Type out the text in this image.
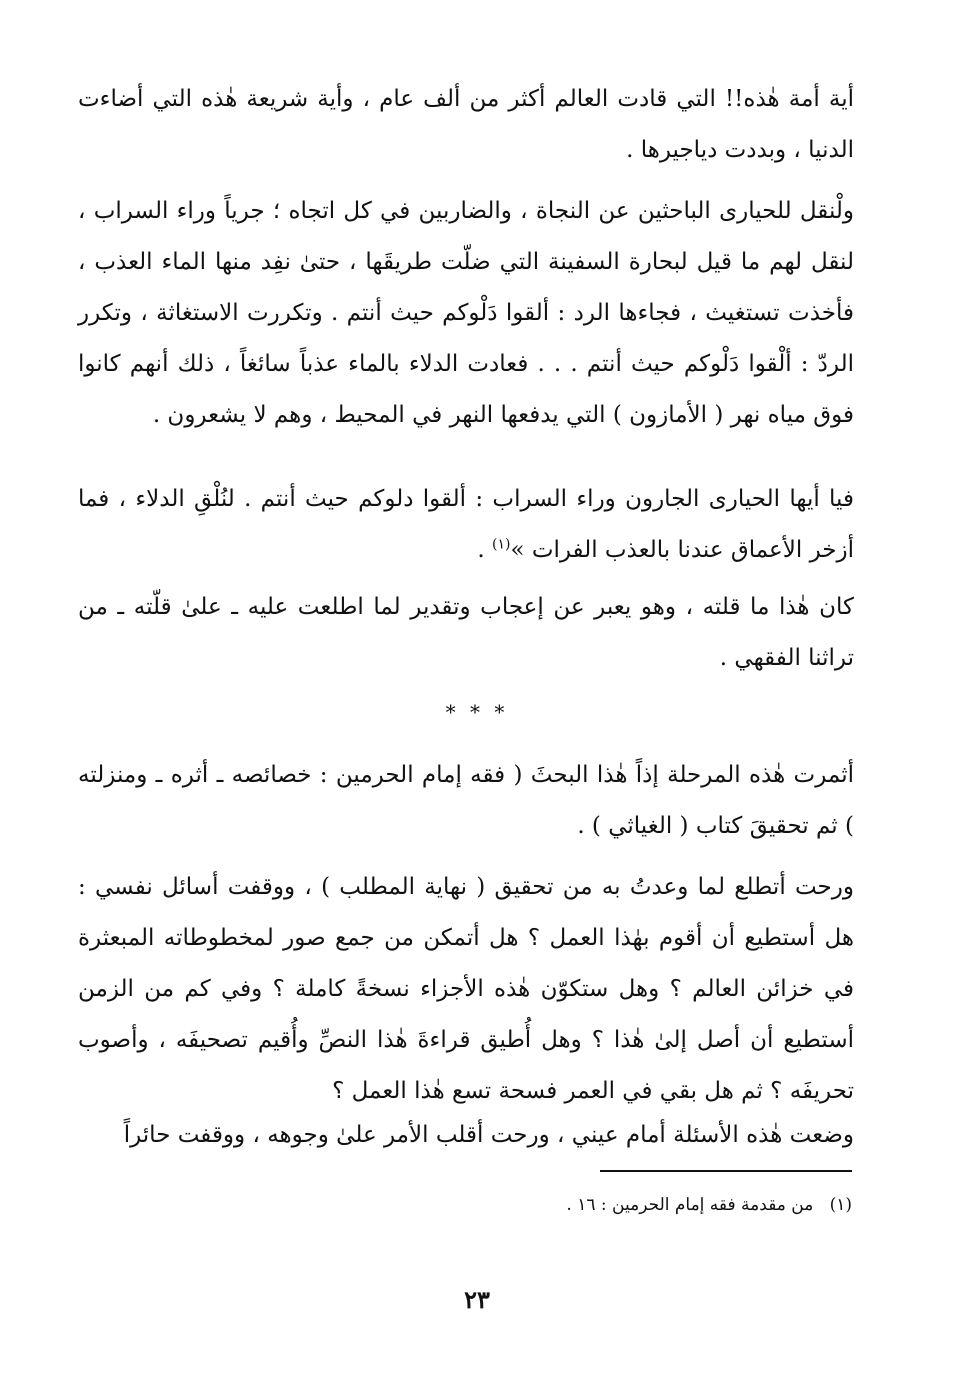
أية أمة هٰذه!! التي قادت العالم أكثر من ألف عام ، وأية شريعة هٰذه التي أضاءت الدنيا ، وبددت دياجيرها .

ولْنقل للحيارى الباحثين عن النجاة ، والضاربين في كل اتجاه ؛ جرياً وراء السراب ، لنقل لهم ما قيل لبحارة السفينة التي ضلّت طريقَها ، حتىٰ نفِد منها الماء العذب ، فأخذت تستغيث ، فجاءها الرد : ألقوا دَلْوكم حيث أنتم . وتكررت الاستغاثة ، وتكرر الردّ : ألْقوا دَلْوكم حيث أنتم . . . فعادت الدلاء بالماء عذباً سائغاً ، ذلك أنهم كانوا فوق مياه نهر ( الأمازون ) التي يدفعها النهر في المحيط ، وهم لا يشعرون .

فيا أيها الحيارى الجارون وراء السراب : ألقوا دلوكم حيث أنتم . لنُلْقِ الدلاء ، فما أزخر الأعماق عندنا بالعذب الفرات »$^{(١)}$ .

كان هٰذا ما قلته ، وهو يعبر عن إعجاب وتقدير لما اطلعت عليه ـ علىٰ قلّته ـ من تراثنا الفقهي .

* * *

أثمرت هٰذه المرحلة إذاً هٰذا البحثَ ( فقه إمام الحرمين : خصائصه ـ أثره ـ ومنزلته ) ثم تحقيقَ كتاب ( الغياثي ) .

ورحت أتطلع لما وعدتُ به من تحقيق ( نهاية المطلب ) ، ووقفت أسائل نفسي : هل أستطيع أن أقوم بهٰذا العمل ؟ هل أتمكن من جمع صور لمخطوطاته المبعثرة في خزائن العالم ؟ وهل ستكوّن هٰذه الأجزاء نسخةً كاملة ؟ وفي كم من الزمن أستطيع أن أصل إلىٰ هٰذا ؟ وهل أُطيق قراءةَ هٰذا النصِّ وأُقيم تصحيفَه ، وأصوب تحريفَه ؟ ثم هل بقي في العمر فسحة تسع هٰذا العمل ؟

وضعت هٰذه الأسئلة أمام عيني ، ورحت أقلب الأمر علىٰ وجوهه ، ووقفت حائراً

(١)   من مقدمة فقه إمام الحرمين : ١٦ .

٢٣
